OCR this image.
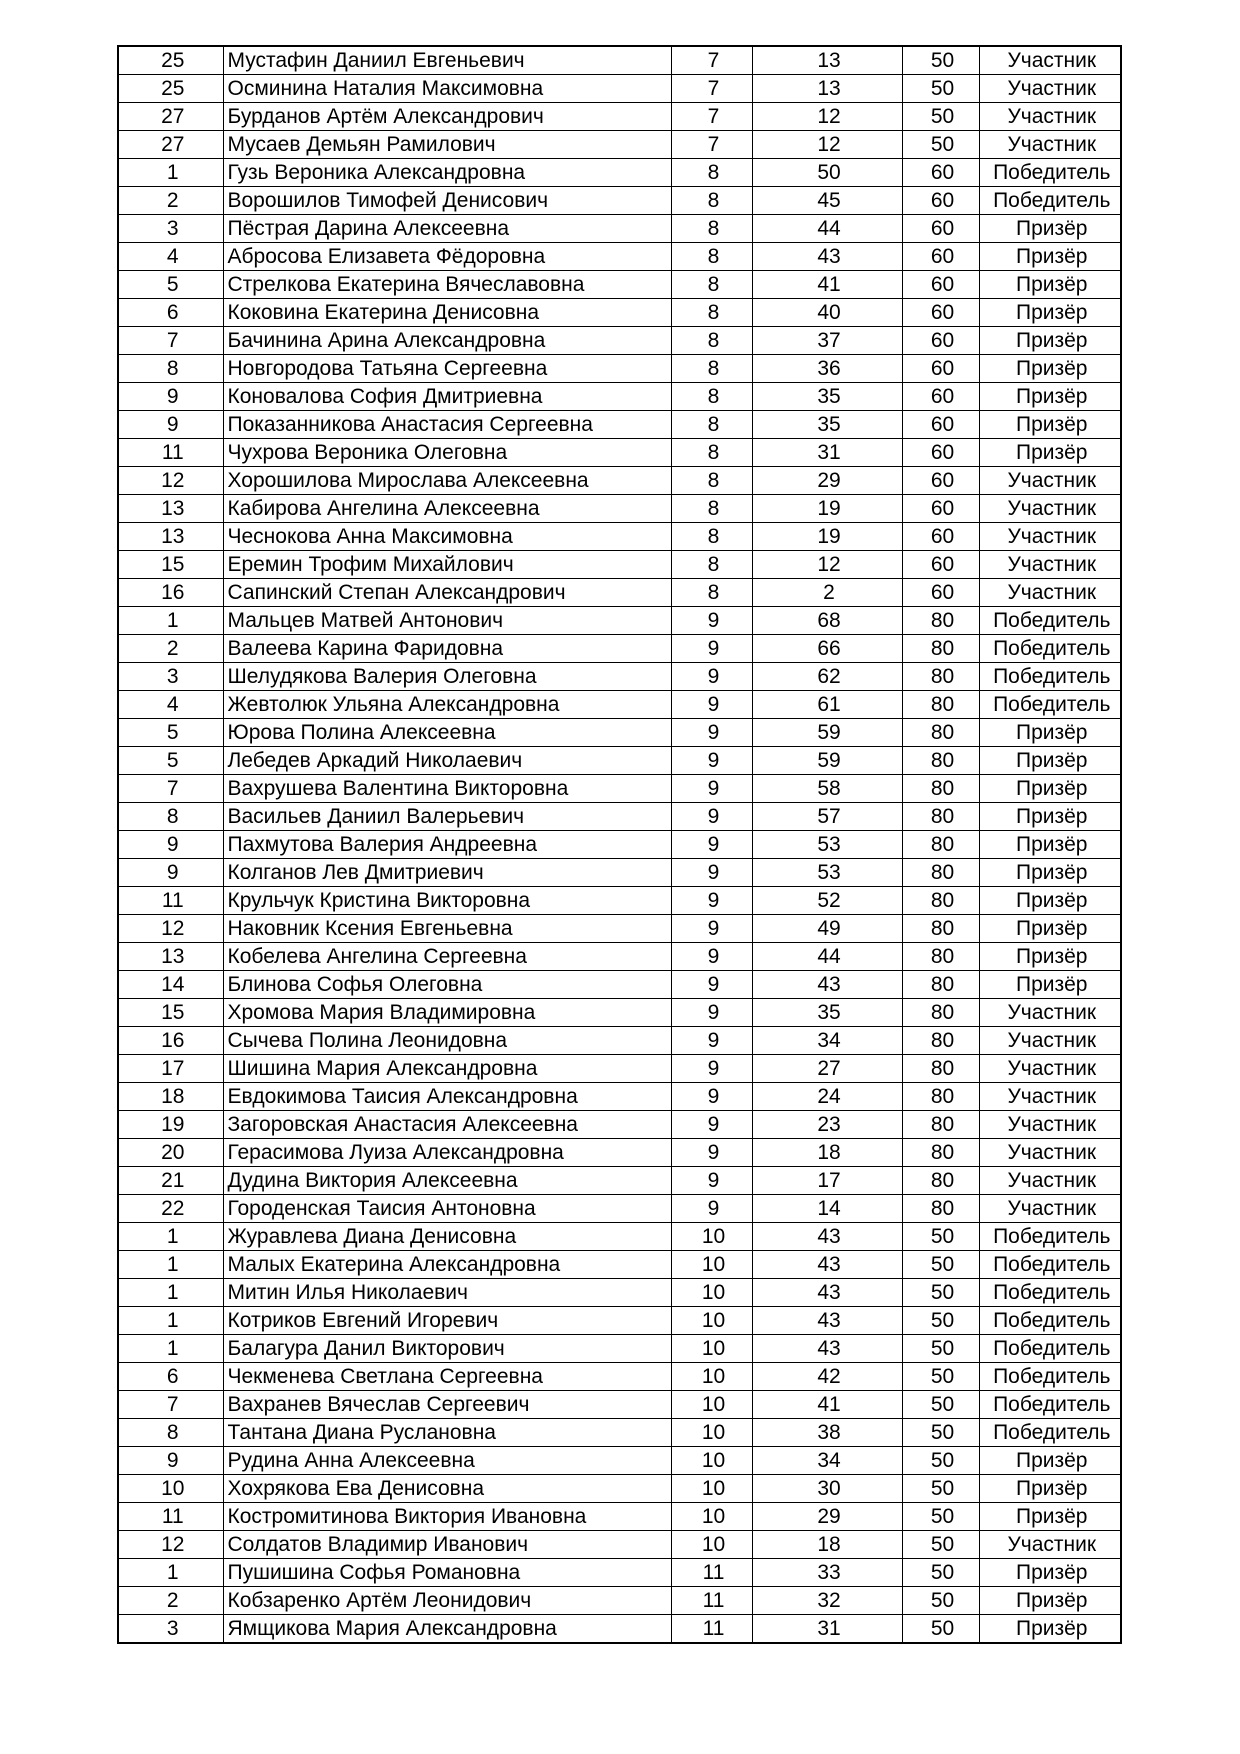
25	Мустафин Даниил Евгеньевич	7	13	50	Участник
25	Осминина Наталия Максимовна	7	13	50	Участник
27	Бурданов Артём Александрович	7	12	50	Участник
27	Мусаев Демьян Рамилович	7	12	50	Участник
1	Гузь Вероника Александровна	8	50	60	Победитель
2	Ворошилов Тимофей Денисович	8	45	60	Победитель
3	Пёстрая Дарина Алексеевна	8	44	60	Призёр
4	Абросова Елизавета Фёдоровна	8	43	60	Призёр
5	Стрелкова Екатерина Вячеславовна	8	41	60	Призёр
6	Коковина Екатерина Денисовна	8	40	60	Призёр
7	Бачинина Арина Александровна	8	37	60	Призёр
8	Новгородова Татьяна Сергеевна	8	36	60	Призёр
9	Коновалова София Дмитриевна	8	35	60	Призёр
9	Показанникова Анастасия Сергеевна	8	35	60	Призёр
11	Чухрова Вероника Олеговна	8	31	60	Призёр
12	Хорошилова Мирослава Алексеевна	8	29	60	Участник
13	Кабирова Ангелина Алексеевна	8	19	60	Участник
13	Чеснокова Анна Максимовна	8	19	60	Участник
15	Еремин Трофим Михайлович	8	12	60	Участник
16	Сапинский Степан Александрович	8	2	60	Участник
1	Мальцев Матвей Антонович	9	68	80	Победитель
2	Валеева Карина Фаридовна	9	66	80	Победитель
3	Шелудякова Валерия Олеговна	9	62	80	Победитель
4	Жевтолюк Ульяна Александровна	9	61	80	Победитель
5	Юрова Полина Алексеевна	9	59	80	Призёр
5	Лебедев Аркадий Николаевич	9	59	80	Призёр
7	Вахрушева Валентина Викторовна	9	58	80	Призёр
8	Васильев Даниил Валерьевич	9	57	80	Призёр
9	Пахмутова Валерия Андреевна	9	53	80	Призёр
9	Колганов Лев Дмитриевич	9	53	80	Призёр
11	Крульчук Кристина Викторовна	9	52	80	Призёр
12	Наковник Ксения Евгеньевна	9	49	80	Призёр
13	Кобелева Ангелина Сергеевна	9	44	80	Призёр
14	Блинова Софья Олеговна	9	43	80	Призёр
15	Хромова Мария Владимировна	9	35	80	Участник
16	Сычева Полина Леонидовна	9	34	80	Участник
17	Шишина Мария Александровна	9	27	80	Участник
18	Евдокимова Таисия Александровна	9	24	80	Участник
19	Загоровская Анастасия Алексеевна	9	23	80	Участник
20	Герасимова Луиза Александровна	9	18	80	Участник
21	Дудина Виктория Алексеевна	9	17	80	Участник
22	Городенская Таисия Антоновна	9	14	80	Участник
1	Журавлева Диана Денисовна	10	43	50	Победитель
1	Малых Екатерина Александровна	10	43	50	Победитель
1	Митин Илья Николаевич	10	43	50	Победитель
1	Котриков Евгений Игоревич	10	43	50	Победитель
1	Балагура Данил Викторович	10	43	50	Победитель
6	Чекменева Светлана Сергеевна	10	42	50	Победитель
7	Вахранев Вячеслав Сергеевич	10	41	50	Победитель
8	Тантана Диана Руслановна	10	38	50	Победитель
9	Рудина Анна Алексеевна	10	34	50	Призёр
10	Хохрякова Ева Денисовна	10	30	50	Призёр
11	Костромитинова Виктория Ивановна	10	29	50	Призёр
12	Солдатов Владимир Иванович	10	18	50	Участник
1	Пушишина Софья Романовна	11	33	50	Призёр
2	Кобзаренко Артём Леонидович	11	32	50	Призёр
3	Ямщикова Мария Александровна	11	31	50	Призёр
